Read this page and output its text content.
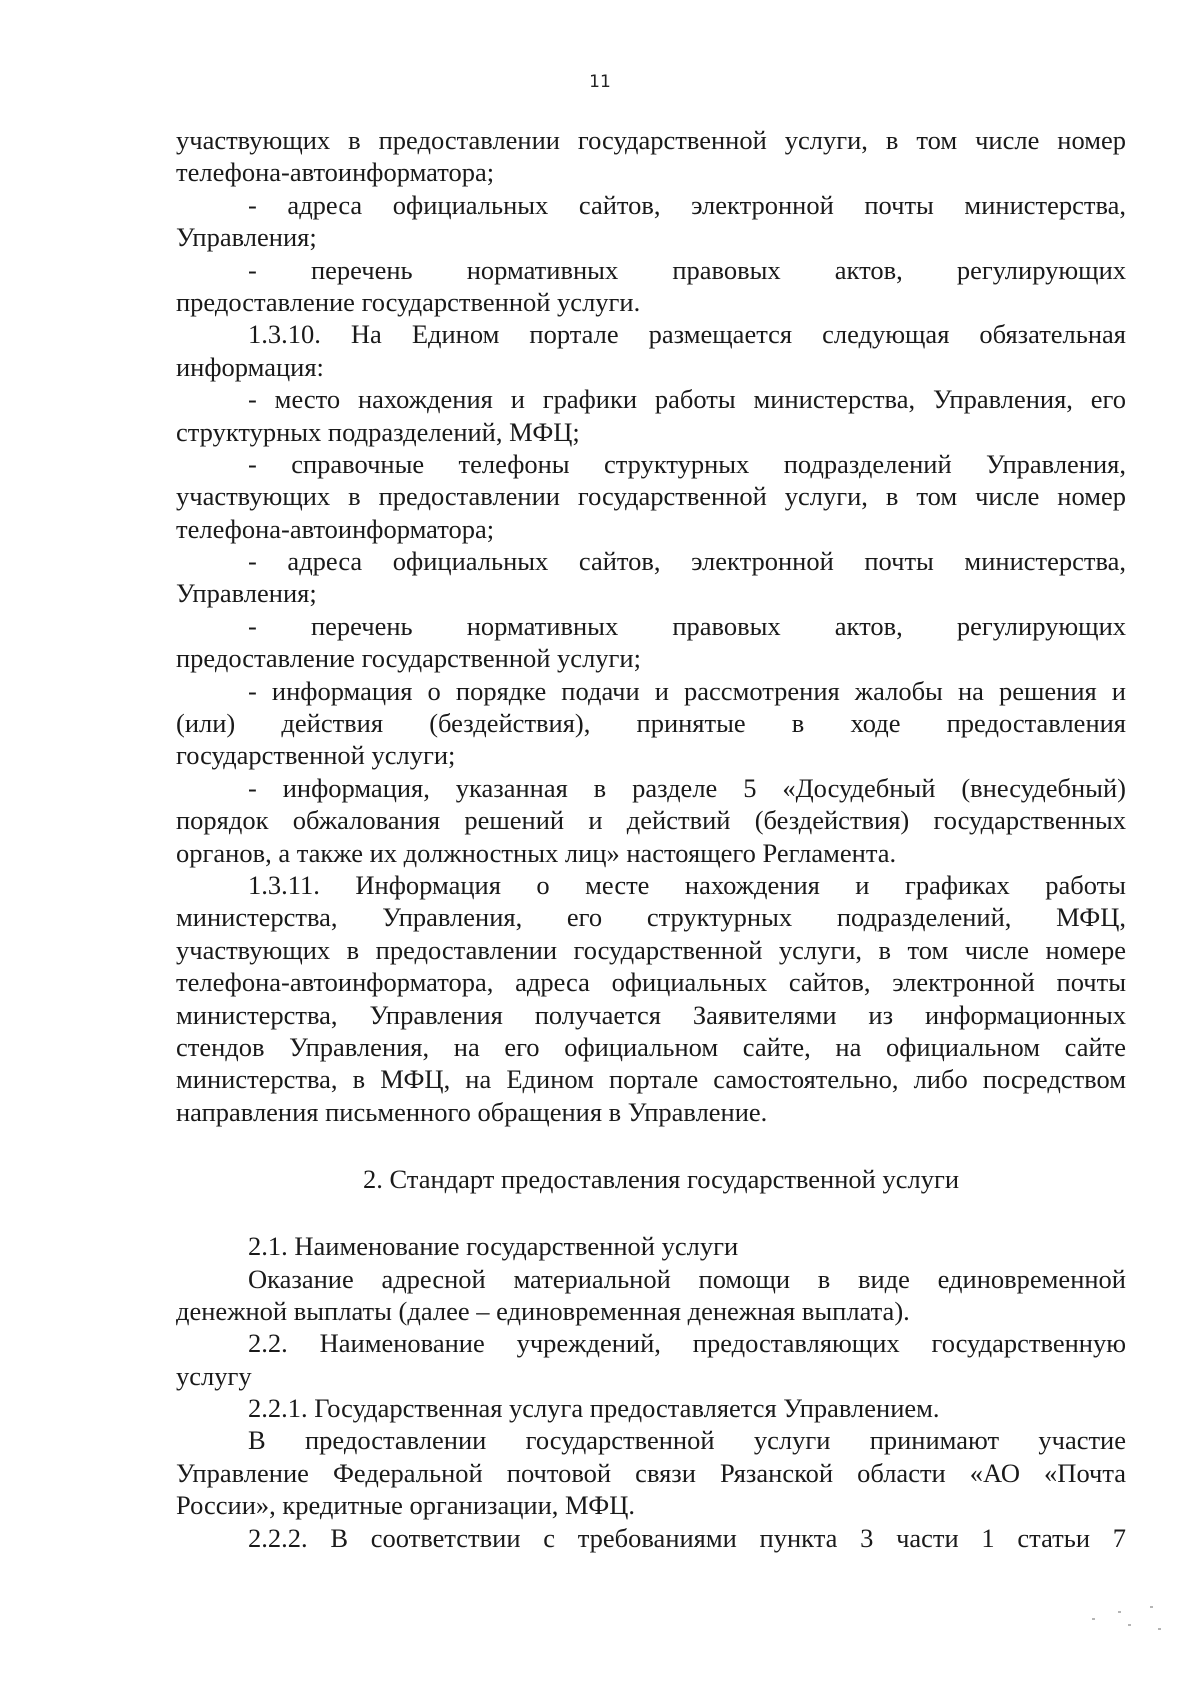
11
участвующих в предоставлении государственной услуги, в том числе номер
телефона-автоинформатора;
- адреса официальных сайтов, электронной почты министерства,
Управления;
- перечень нормативных правовых актов, регулирующих
предоставление государственной услуги.
1.3.10. На Едином портале размещается следующая обязательная
информация:
- место нахождения и графики работы министерства, Управления, его
структурных подразделений, МФЦ;
- справочные телефоны структурных подразделений Управления,
участвующих в предоставлении государственной услуги, в том числе номер
телефона-автоинформатора;
- адреса официальных сайтов, электронной почты министерства,
Управления;
- перечень нормативных правовых актов, регулирующих
предоставление государственной услуги;
- информация о порядке подачи и рассмотрения жалобы на решения и
(или) действия (бездействия), принятые в ходе предоставления
государственной услуги;
- информация, указанная в разделе 5 «Досудебный (внесудебный)
порядок обжалования решений и действий (бездействия) государственных
органов, а также их должностных лиц» настоящего Регламента.
1.3.11. Информация о месте нахождения и графиках работы
министерства, Управления, его структурных подразделений, МФЦ,
участвующих в предоставлении государственной услуги, в том числе номере
телефона-автоинформатора, адреса официальных сайтов, электронной почты
министерства, Управления получается Заявителями из информационных
стендов Управления, на его официальном сайте, на официальном сайте
министерства, в МФЦ, на Едином портале самостоятельно, либо посредством
направления письменного обращения в Управление.
2. Стандарт предоставления государственной услуги
2.1. Наименование государственной услуги
Оказание адресной материальной помощи в виде единовременной
денежной выплаты (далее – единовременная денежная выплата).
2.2. Наименование учреждений, предоставляющих государственную
услугу
2.2.1. Государственная услуга предоставляется Управлением.
В предоставлении государственной услуги принимают участие
Управление Федеральной почтовой связи Рязанской области «АО «Почта
России», кредитные организации, МФЦ.
2.2.2. В соответствии с требованиями пункта 3 части 1 статьи 7
